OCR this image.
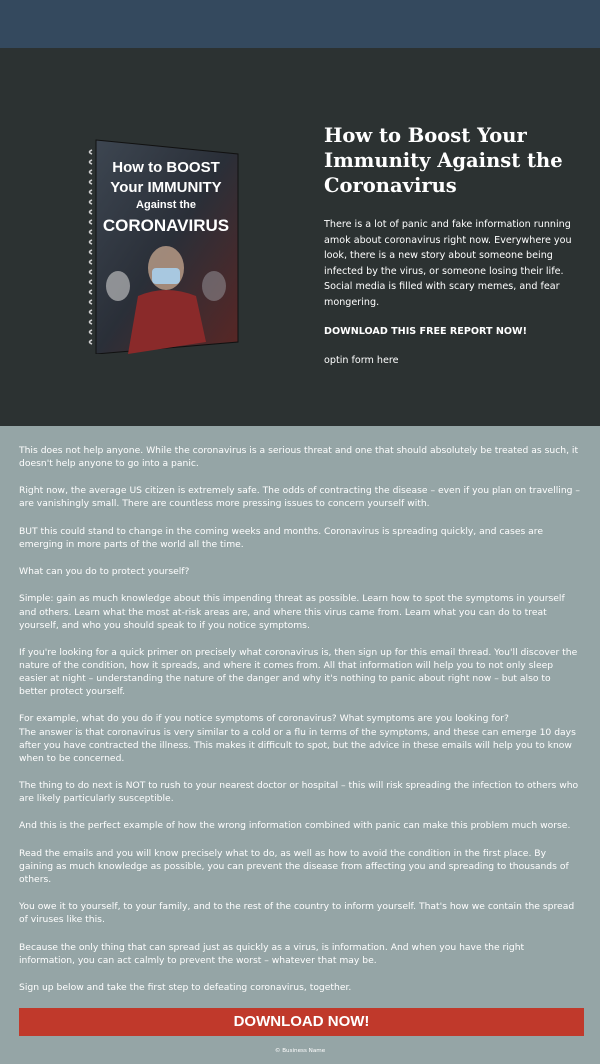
How to BOOST
Your IMMUNITY
Against the
CORONAVIRUS
How to Boost Your Immunity Against the Coronavirus

There is a lot of panic and fake information running amok about coronavirus right now. Everywhere you look, there is a new story about someone being infected by the virus, or someone losing their life. Social media is filled with scary memes, and fear mongering.

DOWNLOAD THIS FREE REPORT NOW!

optin form here

This does not help anyone. While the coronavirus is a serious threat and one that should absolutely be treated as such, it doesn't help anyone to go into a panic.

Right now, the average US citizen is extremely safe. The odds of contracting the disease – even if you plan on travelling – are vanishingly small. There are countless more pressing issues to concern yourself with.

BUT this could stand to change in the coming weeks and months. Coronavirus is spreading quickly, and cases are emerging in more parts of the world all the time.

What can you do to protect yourself?

Simple: gain as much knowledge about this impending threat as possible. Learn how to spot the symptoms in yourself and others. Learn what the most at-risk areas are, and where this virus came from. Learn what you can do to treat yourself, and who you should speak to if you notice symptoms.

If you're looking for a quick primer on precisely what coronavirus is, then sign up for this email thread. You'll discover the nature of the condition, how it spreads, and where it comes from. All that information will help you to not only sleep easier at night – understanding the nature of the danger and why it's nothing to panic about right now – but also to better protect yourself.

For example, what do you do if you notice symptoms of coronavirus? What symptoms are you looking for?
The answer is that coronavirus is very similar to a cold or a flu in terms of the symptoms, and these can emerge 10 days after you have contracted the illness. This makes it difficult to spot, but the advice in these emails will help you to know when to be concerned.

The thing to do next is NOT to rush to your nearest doctor or hospital – this will risk spreading the infection to others who are likely particularly susceptible.

And this is the perfect example of how the wrong information combined with panic can make this problem much worse.

Read the emails and you will know precisely what to do, as well as how to avoid the condition in the first place. By gaining as much knowledge as possible, you can prevent the disease from affecting you and spreading to thousands of others.

You owe it to yourself, to your family, and to the rest of the country to inform yourself. That's how we contain the spread of viruses like this.

Because the only thing that can spread just as quickly as a virus, is information. And when you have the right information, you can act calmly to prevent the worst – whatever that may be.

Sign up below and take the first step to defeating coronavirus, together.

DOWNLOAD NOW!
© Business Name
